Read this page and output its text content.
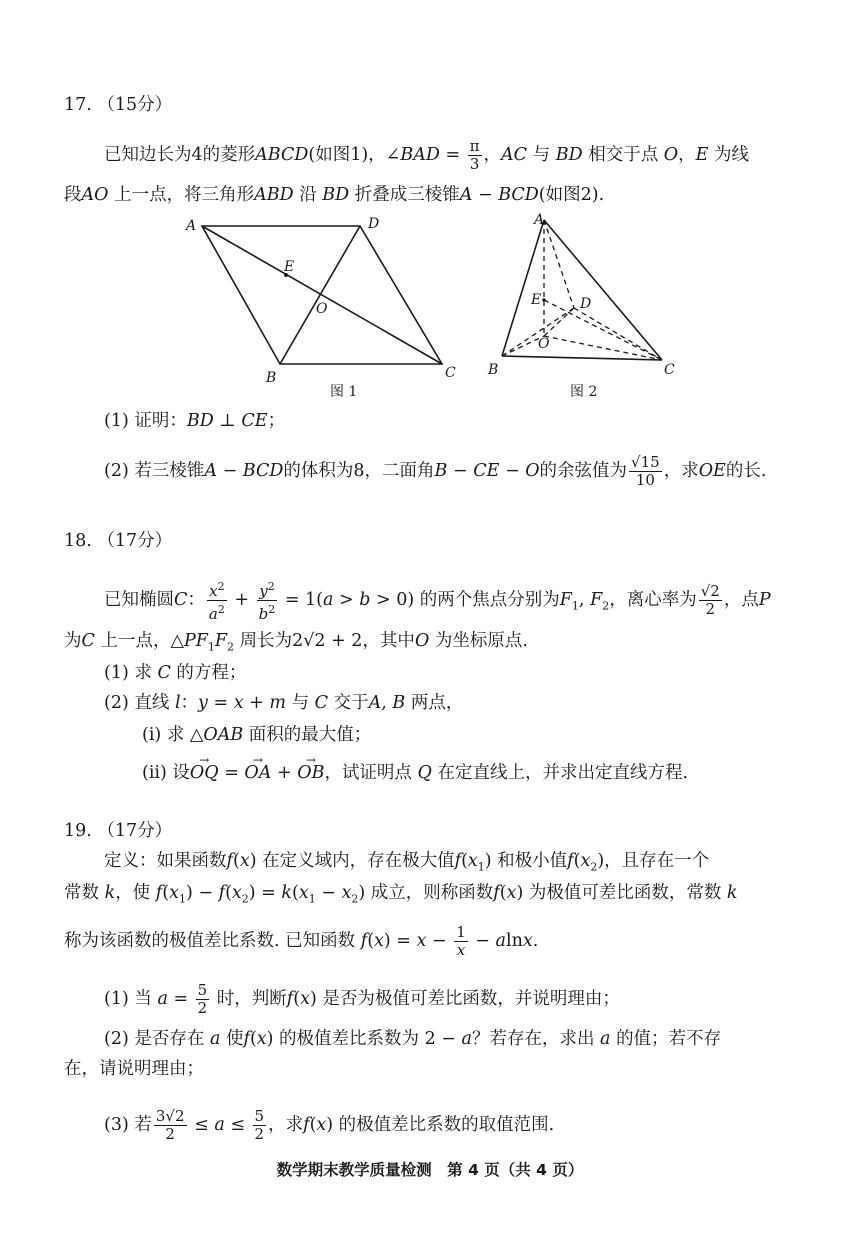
17. （15分）
已知边长为4的菱形ABCD(如图1)，∠BAD = $\frac{\pi}{3}$ ，AC 与 BD 相交于点 O，E 为线
段AO 上一点，将三角形ABD 沿 BD 折叠成三棱锥A − BCD(如图2).
A	D
E
O
B	C
图 1
A
E	D
O
B	C
图 2
(1) 证明：BD ⊥ CE；
(2) 若三棱锥A − BCD的体积为8，二面角B − CE − O的余弦值为 $\frac{√15}{10}$ ，求OE的长.
18. （17分）
已知椭圆C： $\frac{x^2}{a^2} + \frac{y^2}{b^2} = 1(a > b > 0)$ 的两个焦点分别为$F_1$, $F_2$，离心率为 $\frac{√2}{2}$ ，点P
为C 上一点，$\triangle PF_1F_2$ 周长为2√2 + 2，其中O 为坐标原点.
(1) 求 C 的方程；
(2) 直线 l：y = x + m 与 C 交于A, B 两点，
(i) 求 △OAB 面积的最大值；
(ii) 设→ OQ = → OA + → OB，试证明点 Q 在定直线上，并求出定直线方程.
19. （17分）
定义：如果函数f(x) 在定义域内，存在极大值$f(x_1)$ 和极小值$f(x_2)$，且存在一个
常数 k，使 $f(x_1) - f(x_2) = k(x_1 - x_2)$ 成立，则称函数f(x) 为极值可差比函数，常数 k
称为该函数的极值差比系数. 已知函数 $f(x) = x - \frac{1}{x} - alnx$.
(1) 当 $a = \frac{5}{2}$ 时，判断f(x) 是否为极值可差比函数，并说明理由；
(2) 是否存在 a 使f(x) 的极值差比系数为 2 − a？若存在，求出 a 的值；若不存
在，请说明理由；
(3) 若 $\frac{3√2}{2} \le a \le \frac{5}{2}$ ，求f(x) 的极值差比系数的取值范围.
数学期末教学质量检测　第 4 页（共 4 页）
